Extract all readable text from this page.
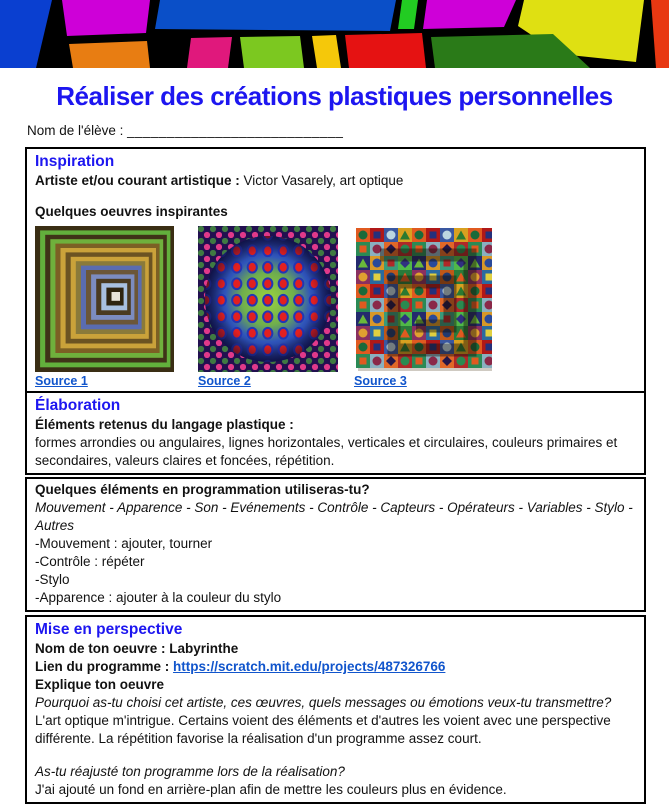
Réaliser des créations plastiques personnelles
Nom de l'élève : ___________________________
Inspiration

Artiste et/ou courant artistique : Victor Vasarely, art optique

Quelques oeuvres inspirantes

Source 1	Source 2	Source 3
Élaboration

Éléments retenus du langage plastique :

formes arrondies ou angulaires, lignes horizontales, verticales et circulaires, couleurs primaires et secondaires, valeurs claires et foncées, répétition.

Quelques éléments en programmation utiliseras-tu?

Mouvement - Apparence - Son - Evénements - Contrôle - Capteurs - Opérateurs - Variables - Stylo - Autres

-Mouvement : ajouter, tourner

-Contrôle : répéter

-Stylo

-Apparence : ajouter à la couleur du stylo

Mise en perspective

Nom de ton oeuvre : Labyrinthe

Lien du programme : https://scratch.mit.edu/projects/487326766

Explique ton oeuvre

Pourquoi as-tu choisi cet artiste, ces œuvres, quels messages ou émotions veux-tu transmettre?

L'art optique m'intrigue. Certains voient des éléments et d'autres les voient avec une perspective différente. La répétition favorise la réalisation d'un programme assez court.

As-tu réajusté ton programme lors de la réalisation?

J'ai ajouté un fond en arrière-plan afin de mettre les couleurs plus en évidence.
